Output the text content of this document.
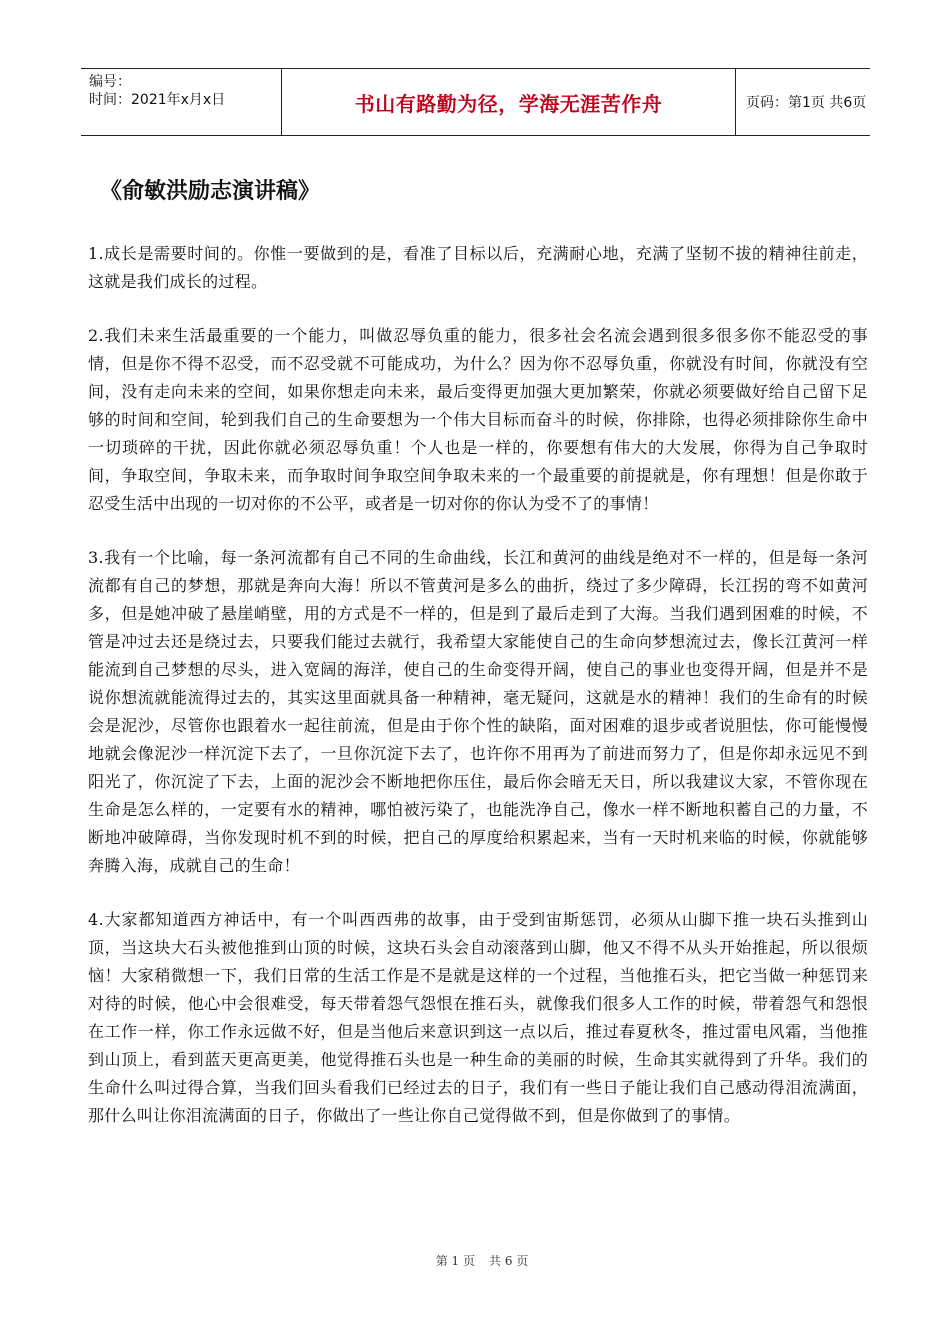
编号：
时间：2021年x月x日	书山有路勤为径，学海无涯苦作舟	页码：第1页 共6页
《俞敏洪励志演讲稿》

1.成长是需要时间的。你惟一要做到的是，看准了目标以后，充满耐心地，充满了坚韧不拔的精神往前走，这就是我们成长的过程。

2.我们未来生活最重要的一个能力，叫做忍辱负重的能力，很多社会名流会遇到很多很多你不能忍受的事情，但是你不得不忍受，而不忍受就不可能成功，为什么？因为你不忍辱负重，你就没有时间，你就没有空间，没有走向未来的空间，如果你想走向未来，最后变得更加强大更加繁荣，你就必须要做好给自己留下足够的时间和空间，轮到我们自己的生命要想为一个伟大目标而奋斗的时候，你排除，也得必须排除你生命中一切琐碎的干扰，因此你就必须忍辱负重！个人也是一样的，你要想有伟大的大发展，你得为自己争取时间，争取空间，争取未来，而争取时间争取空间争取未来的一个最重要的前提就是，你有理想！但是你敢于忍受生活中出现的一切对你的不公平，或者是一切对你的你认为受不了的事情！

3.我有一个比喻，每一条河流都有自己不同的生命曲线，长江和黄河的曲线是绝对不一样的，但是每一条河流都有自己的梦想，那就是奔向大海！所以不管黄河是多么的曲折，绕过了多少障碍，长江拐的弯不如黄河多，但是她冲破了悬崖峭壁，用的方式是不一样的，但是到了最后走到了大海。当我们遇到困难的时候，不管是冲过去还是绕过去，只要我们能过去就行，我希望大家能使自己的生命向梦想流过去，像长江黄河一样能流到自己梦想的尽头，进入宽阔的海洋，使自己的生命变得开阔，使自己的事业也变得开阔，但是并不是说你想流就能流得过去的，其实这里面就具备一种精神，毫无疑问，这就是水的精神！我们的生命有的时候会是泥沙，尽管你也跟着水一起往前流，但是由于你个性的缺陷，面对困难的退步或者说胆怯，你可能慢慢地就会像泥沙一样沉淀下去了，一旦你沉淀下去了，也许你不用再为了前进而努力了，但是你却永远见不到阳光了，你沉淀了下去，上面的泥沙会不断地把你压住，最后你会暗无天日，所以我建议大家，不管你现在生命是怎么样的，一定要有水的精神，哪怕被污染了，也能洗净自己，像水一样不断地积蓄自己的力量，不断地冲破障碍，当你发现时机不到的时候，把自己的厚度给积累起来，当有一天时机来临的时候，你就能够奔腾入海，成就自己的生命！

4.大家都知道西方神话中，有一个叫西西弗的故事，由于受到宙斯惩罚，必须从山脚下推一块石头推到山顶，当这块大石头被他推到山顶的时候，这块石头会自动滚落到山脚，他又不得不从头开始推起，所以很烦恼！大家稍微想一下，我们日常的生活工作是不是就是这样的一个过程，当他推石头，把它当做一种惩罚来对待的时候，他心中会很难受，每天带着怨气怨恨在推石头，就像我们很多人工作的时候，带着怨气和怨恨在工作一样，你工作永远做不好，但是当他后来意识到这一点以后，推过春夏秋冬，推过雷电风霜，当他推到山顶上，看到蓝天更高更美，他觉得推石头也是一种生命的美丽的时候，生命其实就得到了升华。我们的生命什么叫过得合算，当我们回头看我们已经过去的日子，我们有一些日子能让我们自己感动得泪流满面，那什么叫让你泪流满面的日子，你做出了一些让你自己觉得做不到，但是你做到了的事情。

第 1 页 共 6 页
